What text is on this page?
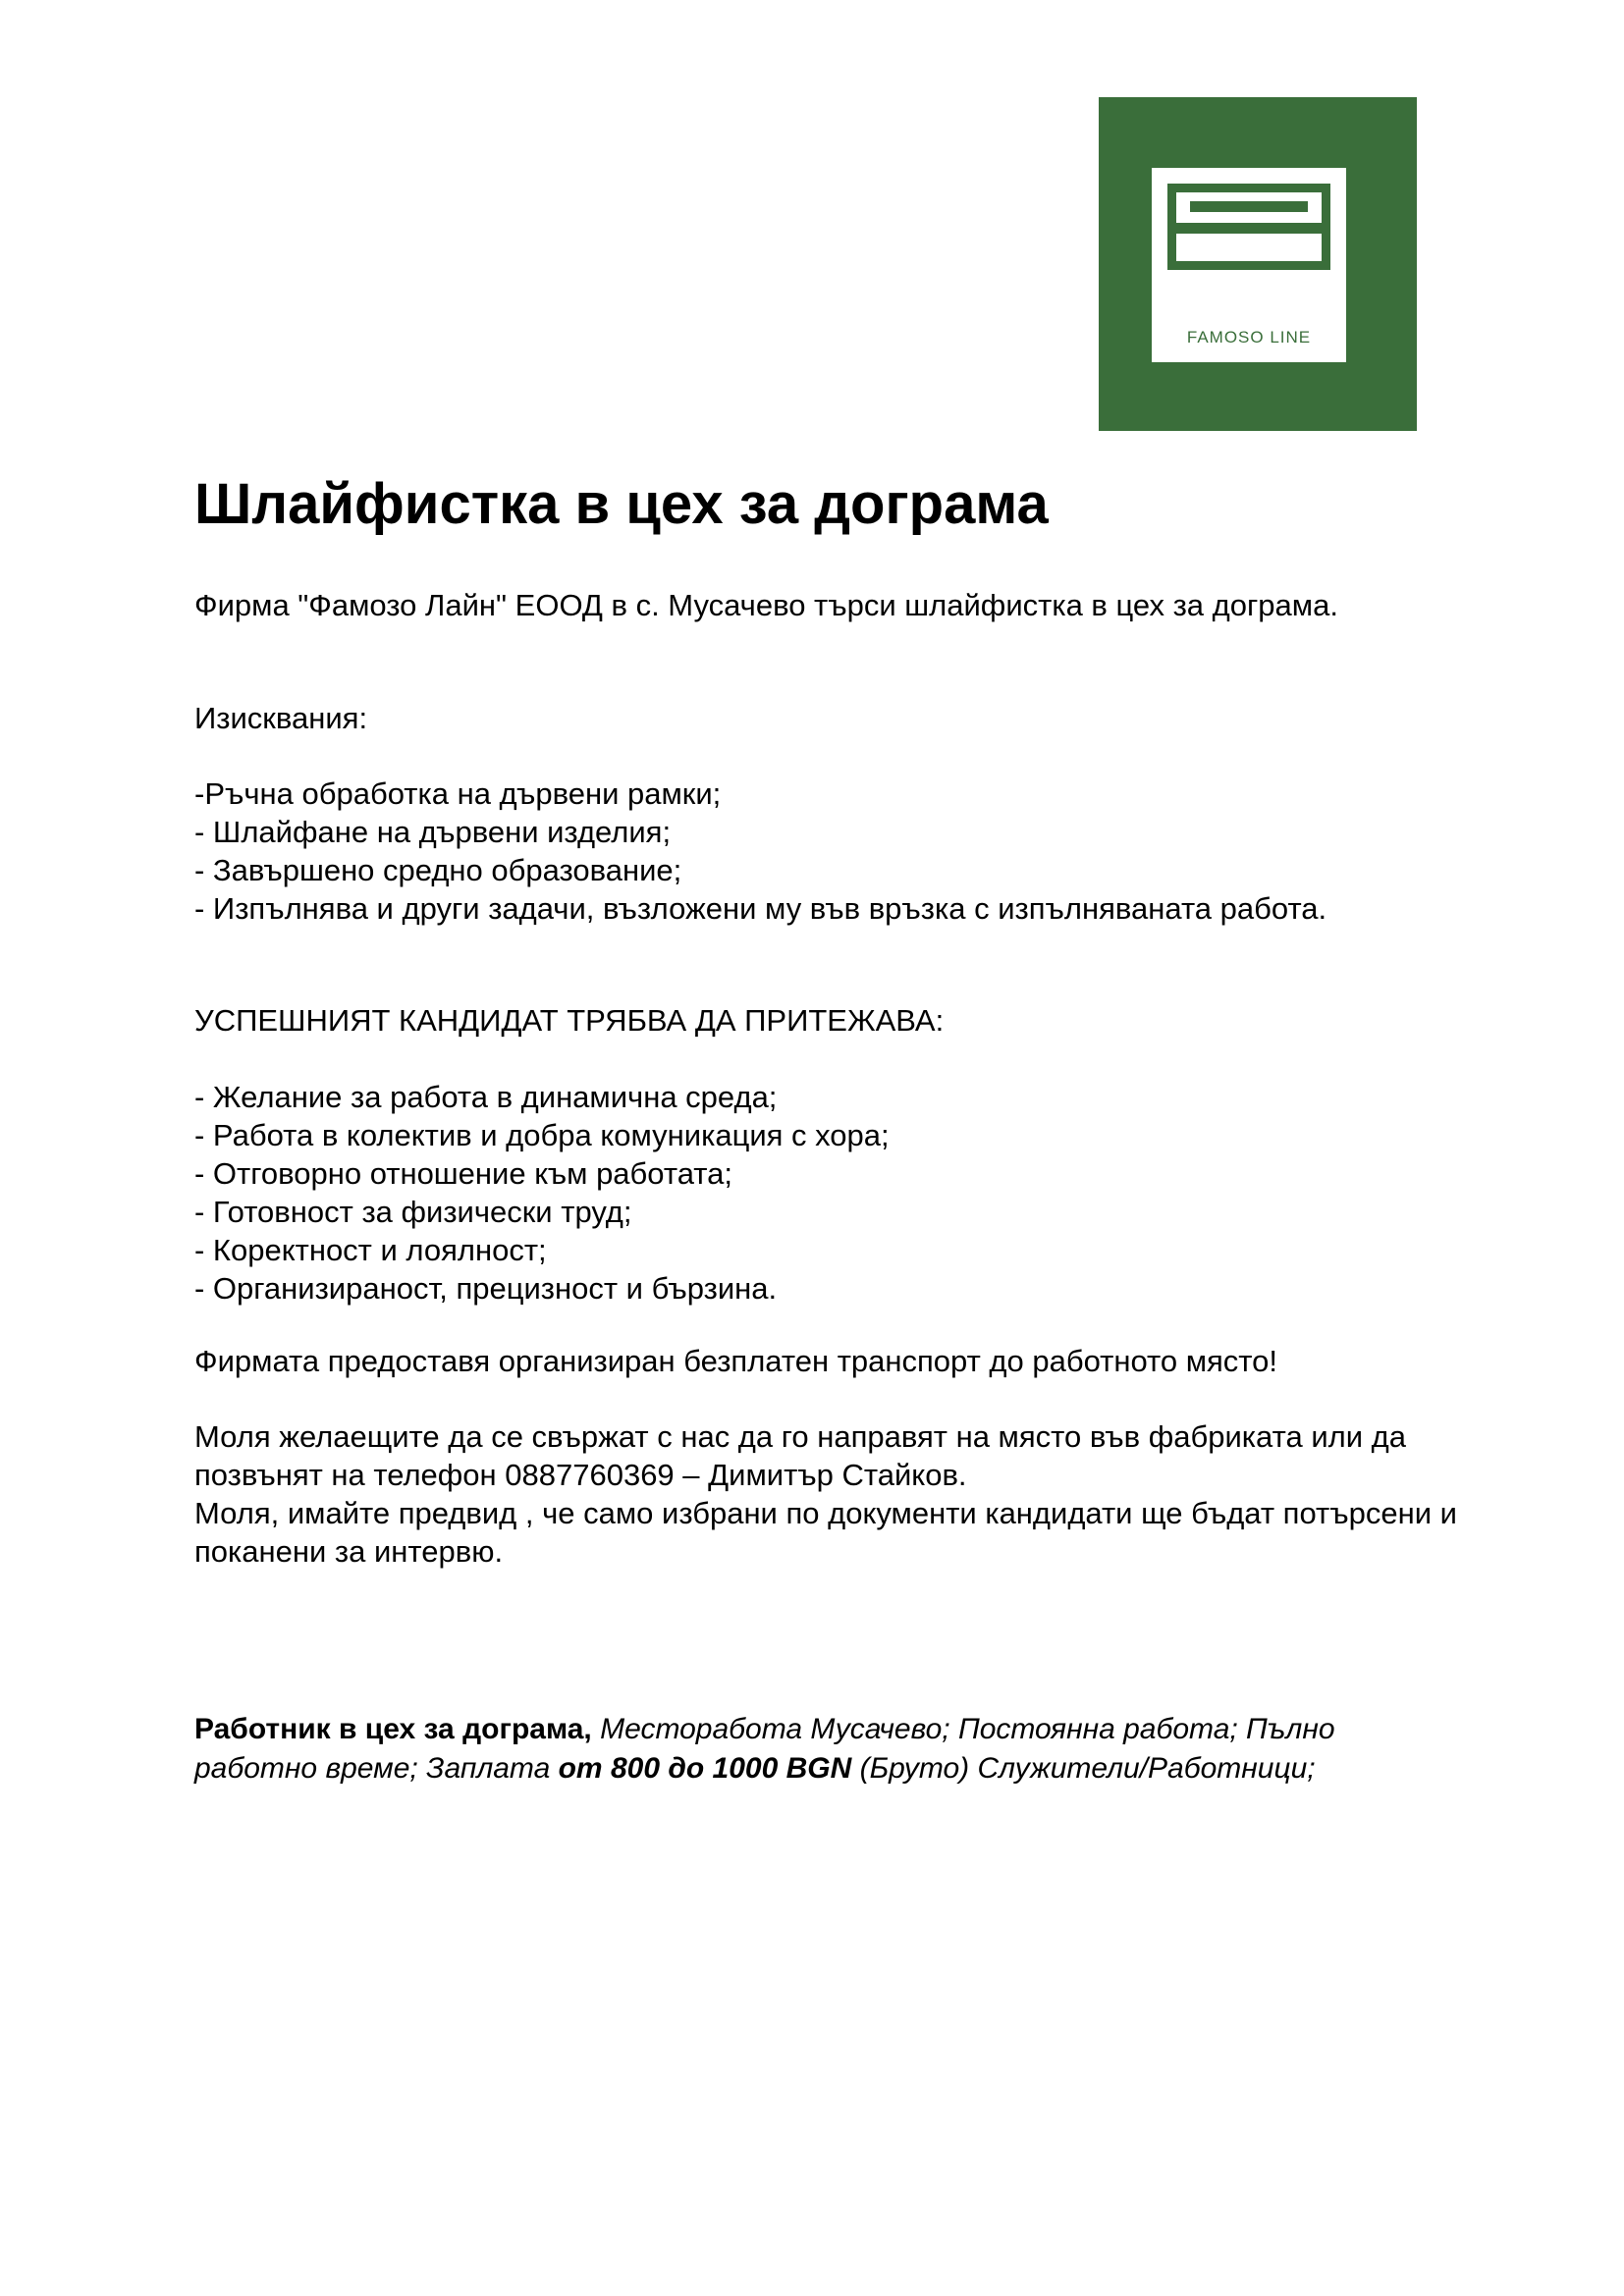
FAMOSO LINE
Шлайфистка в цех за дограма

Фирма "Фамозо Лайн" ЕООД в с. Мусачево търси шлайфистка в цех за дограма.

Изисквания:

-Ръчна обработка на дървени рамки;
- Шлайфане на дървени изделия;
- Завършено средно образование;
- Изпълнява и други задачи, възложени му във връзка с изпълняваната работа.

УСПЕШНИЯТ КАНДИДАТ ТРЯБВА ДА ПРИТЕЖАВА:

- Желание за работа в динамична среда;
- Работа в колектив и добра комуникация с хора;
- Отговорно отношение към работата;
- Готовност за физически труд;
- Коректност и лоялност;
- Организираност, прецизност и бързина.

Фирмата предоставя организиран безплатен транспорт до работното място!

Моля желаещите да се свържат с нас да го направят на място във фабриката или да
позвънят на телефон 0887760369 – Димитър Стайков.
Моля, имайте предвид , че само избрани по документи кандидати ще бъдат потърсени и
поканени за интервю.
Работник в цех за дограма, Месторабота Мусачево; Постоянна работа; Пълно
работно време; Заплата от 800 до 1000 BGN (Бруто) Служители/Работници;
